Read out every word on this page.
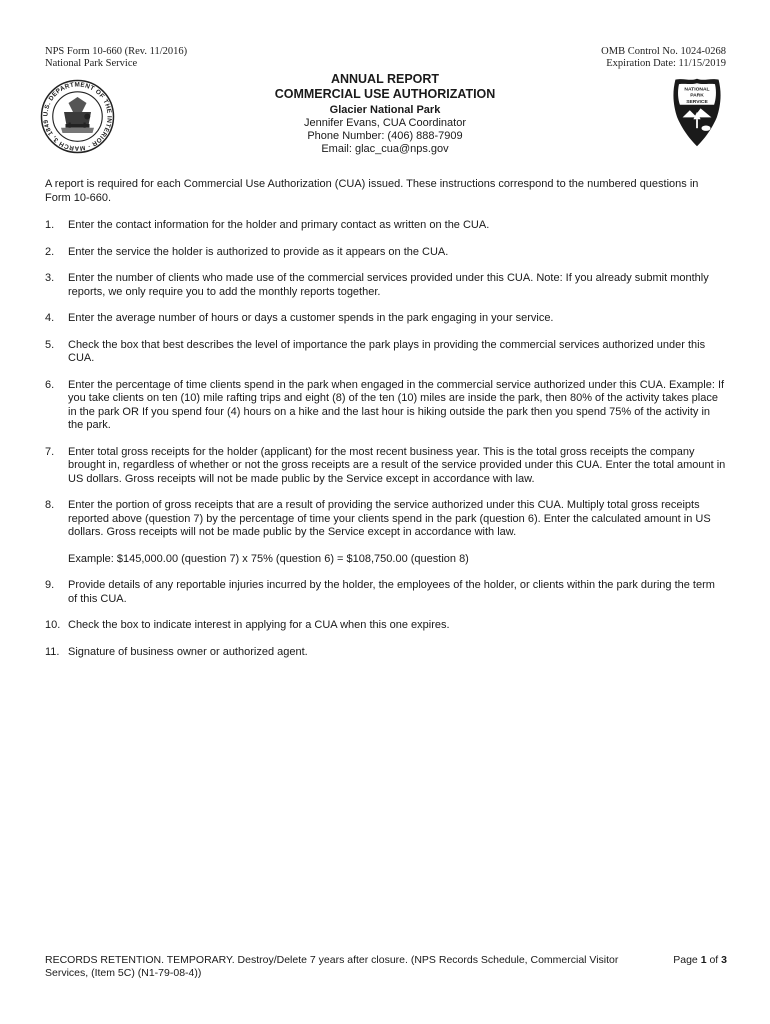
NPS Form 10-660 (Rev. 11/2016)
National Park Service
OMB Control No. 1024-0268
Expiration Date: 11/15/2019
U.S. DEPARTMENT OF THE INTERIOR · MARCH 3, 1849
ANNUAL REPORT
COMMERCIAL USE AUTHORIZATION
Glacier National Park
Jennifer Evans, CUA Coordinator
Phone Number: (406) 888-7909
Email: glac_cua@nps.gov
NATIONAL
PARK
SERVICE
A report is required for each Commercial Use Authorization (CUA) issued. These instructions correspond to the numbered questions in Form 10-660.
1. Enter the contact information for the holder and primary contact as written on the CUA.
2. Enter the service the holder is authorized to provide as it appears on the CUA.
3. Enter the number of clients who made use of the commercial services provided under this CUA. Note: If you already submit monthly reports, we only require you to add the monthly reports together.
4. Enter the average number of hours or days a customer spends in the park engaging in your service.
5. Check the box that best describes the level of importance the park plays in providing the commercial services authorized under this CUA.
6. Enter the percentage of time clients spend in the park when engaged in the commercial service authorized under this CUA. Example: If you take clients on ten (10) mile rafting trips and eight (8) of the ten (10) miles are inside the park, then 80% of the activity takes place in the park OR If you spend four (4) hours on a hike and the last hour is hiking outside the park then you spend 75% of the activity in the park.
7. Enter total gross receipts for the holder (applicant) for the most recent business year. This is the total gross receipts the company brought in, regardless of whether or not the gross receipts are a result of the service provided under this CUA. Enter the total amount in US dollars. Gross receipts will not be made public by the Service except in accordance with law.
8. Enter the portion of gross receipts that are a result of providing the service authorized under this CUA. Multiply total gross receipts reported above (question 7) by the percentage of time your clients spend in the park (question 6). Enter the calculated amount in US dollars. Gross receipts will not be made public by the Service except in accordance with law.
Example: $145,000.00 (question 7) x 75% (question 6) = $108,750.00 (question 8)
9. Provide details of any reportable injuries incurred by the holder, the employees of the holder, or clients within the park during the term of this CUA.
10. Check the box to indicate interest in applying for a CUA when this one expires.
11. Signature of business owner or authorized agent.
RECORDS RETENTION. TEMPORARY. Destroy/Delete 7 years after closure. (NPS Records Schedule, Commercial Visitor Services, (Item 5C) (N1-79-08-4))
Page 1 of 3
